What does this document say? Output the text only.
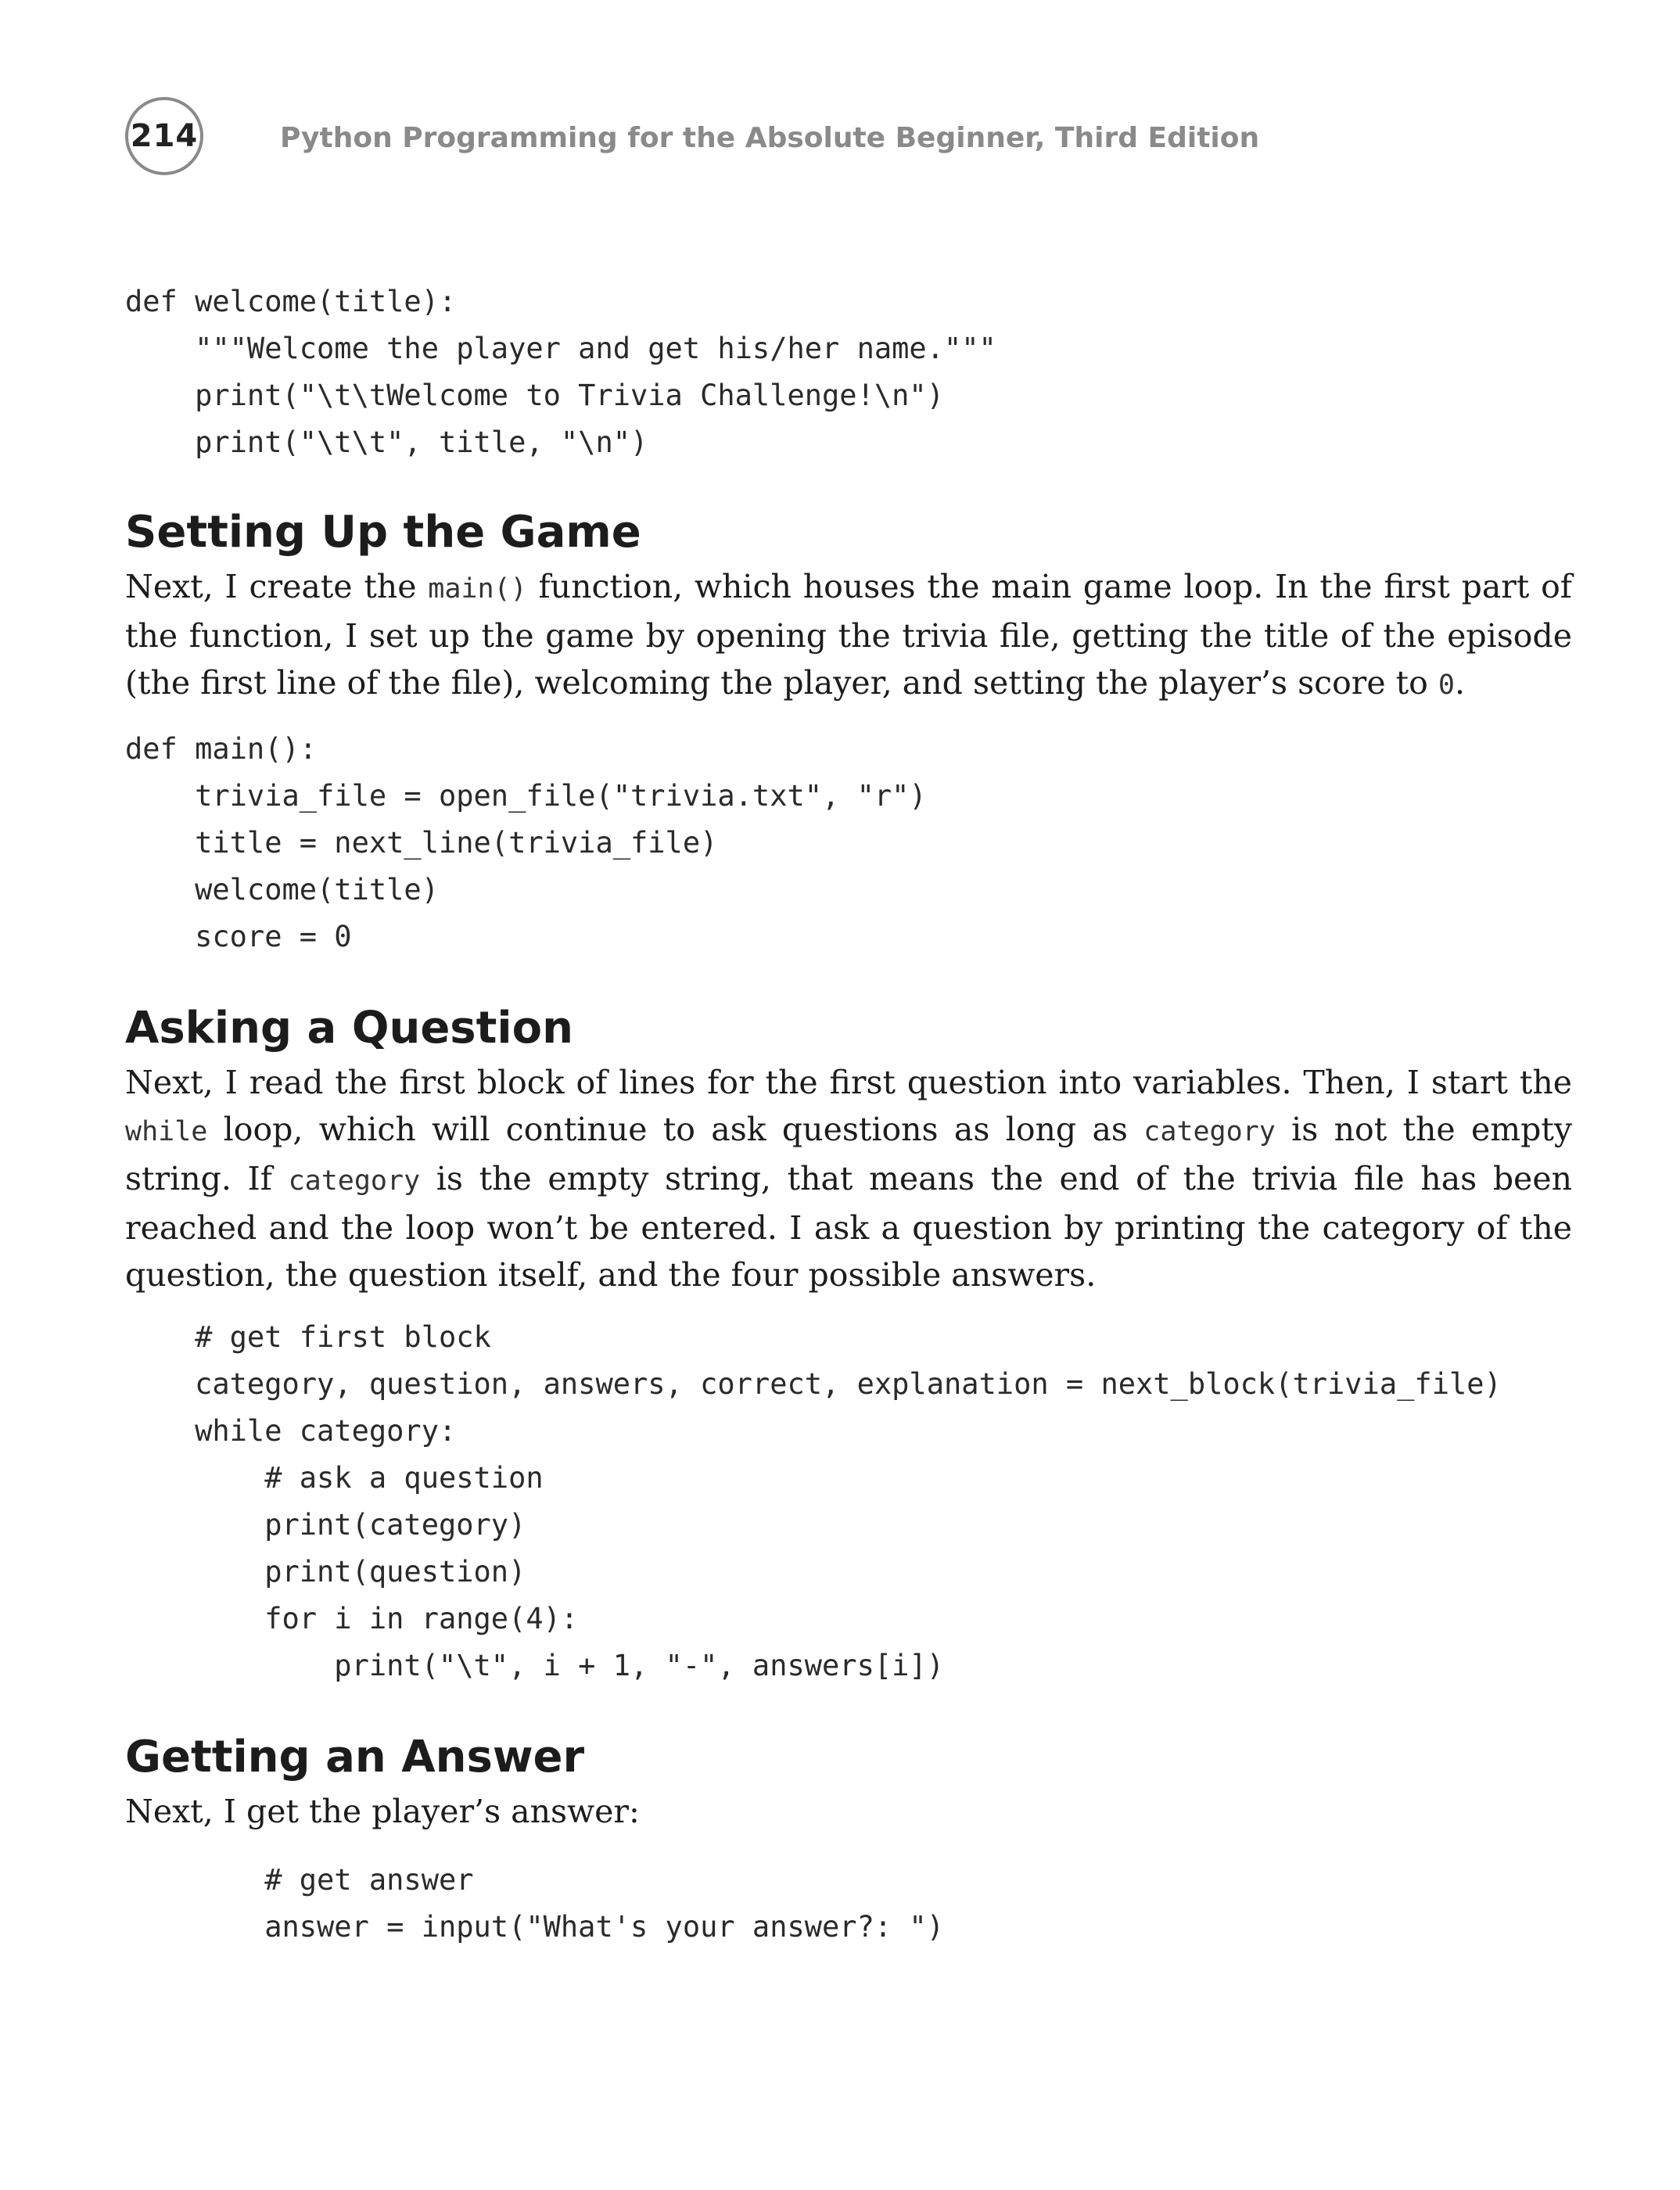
214	Python Programming for the Absolute Beginner, Third Edition
def welcome(title):
"""Welcome the player and get his/her name."""
print("\t\tWelcome to Trivia Challenge!\n")
print("\t\t", title, "\n")
Setting Up the Game

Next, I create the main() function, which houses the main game loop. In the first part of the function, I set up the game by opening the trivia file, getting the title of the episode (the first line of the file), welcoming the player, and setting the player’s score to 0.

def main():
trivia_file = open_file("trivia.txt", "r")
title = next_line(trivia_file)
welcome(title)
score = 0
Asking a Question

Next, I read the first block of lines for the first question into variables. Then, I start the while loop, which will continue to ask questions as long as category is not the empty string. If category is the empty string, that means the end of the trivia file has been reached and the loop won’t be entered. I ask a question by printing the category of the question, the question itself, and the four possible answers.

# get first block
category, question, answers, correct, explanation = next_block(trivia_file)
while category:
# ask a question
print(category)
print(question)
for i in range(4):
print("\t", i + 1, "-", answers[i])
Getting an Answer

Next, I get the player’s answer:

# get answer
answer = input("What's your answer?: ")
